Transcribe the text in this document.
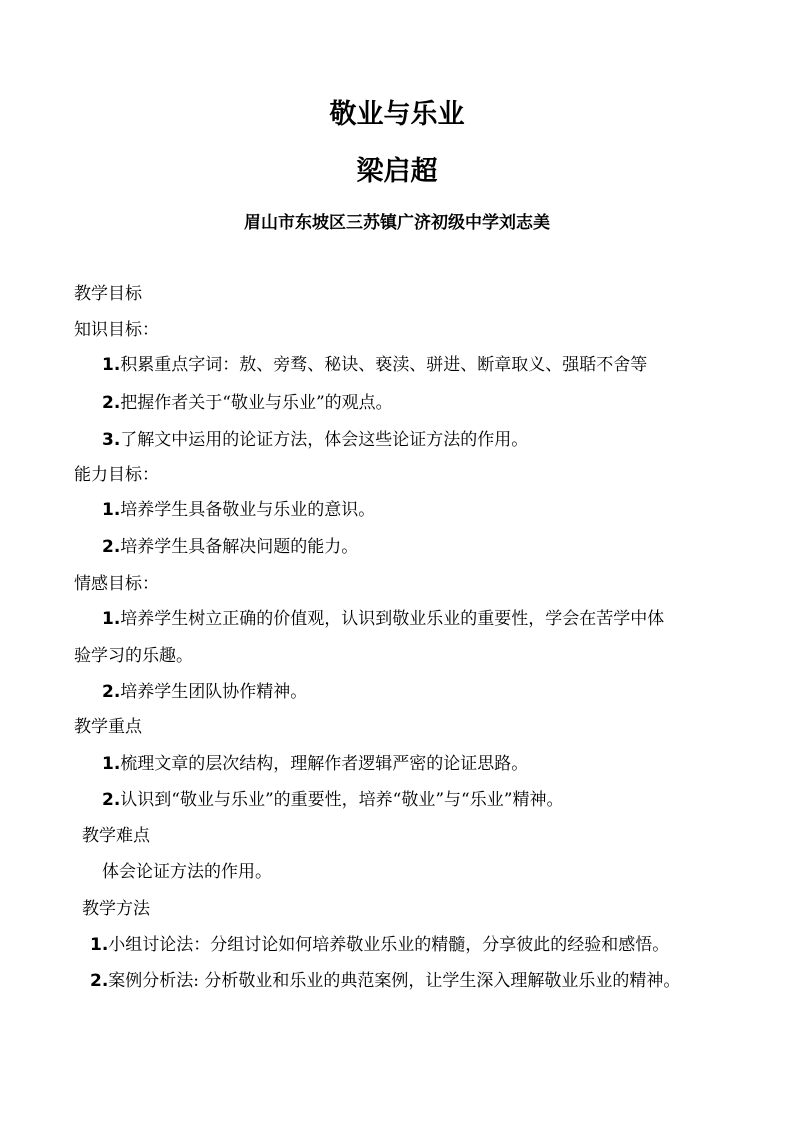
敬业与乐业
梁启超
眉山市东坡区三苏镇广济初级中学刘志美
教学目标
知识目标：
1.积累重点字词：敖、旁骛、秘诀、亵渎、骈进、断章取义、强聒不舍等
2.把握作者关于“敬业与乐业”的观点。
3.了解文中运用的论证方法，体会这些论证方法的作用。
能力目标：
1.培养学生具备敬业与乐业的意识。
2.培养学生具备解决问题的能力。
情感目标：
1.培养学生树立正确的价值观，认识到敬业乐业的重要性，学会在苦学中体
验学习的乐趣。
2.培养学生团队协作精神。
教学重点
1.梳理文章的层次结构，理解作者逻辑严密的论证思路。
2.认识到“敬业与乐业”的重要性，培养“敬业”与“乐业”精神。
教学难点
体会论证方法的作用。
教学方法
1.小组讨论法：分组讨论如何培养敬业乐业的精髓，分享彼此的经验和感悟。
2.案例分析法: 分析敬业和乐业的典范案例，让学生深入理解敬业乐业的精神。
